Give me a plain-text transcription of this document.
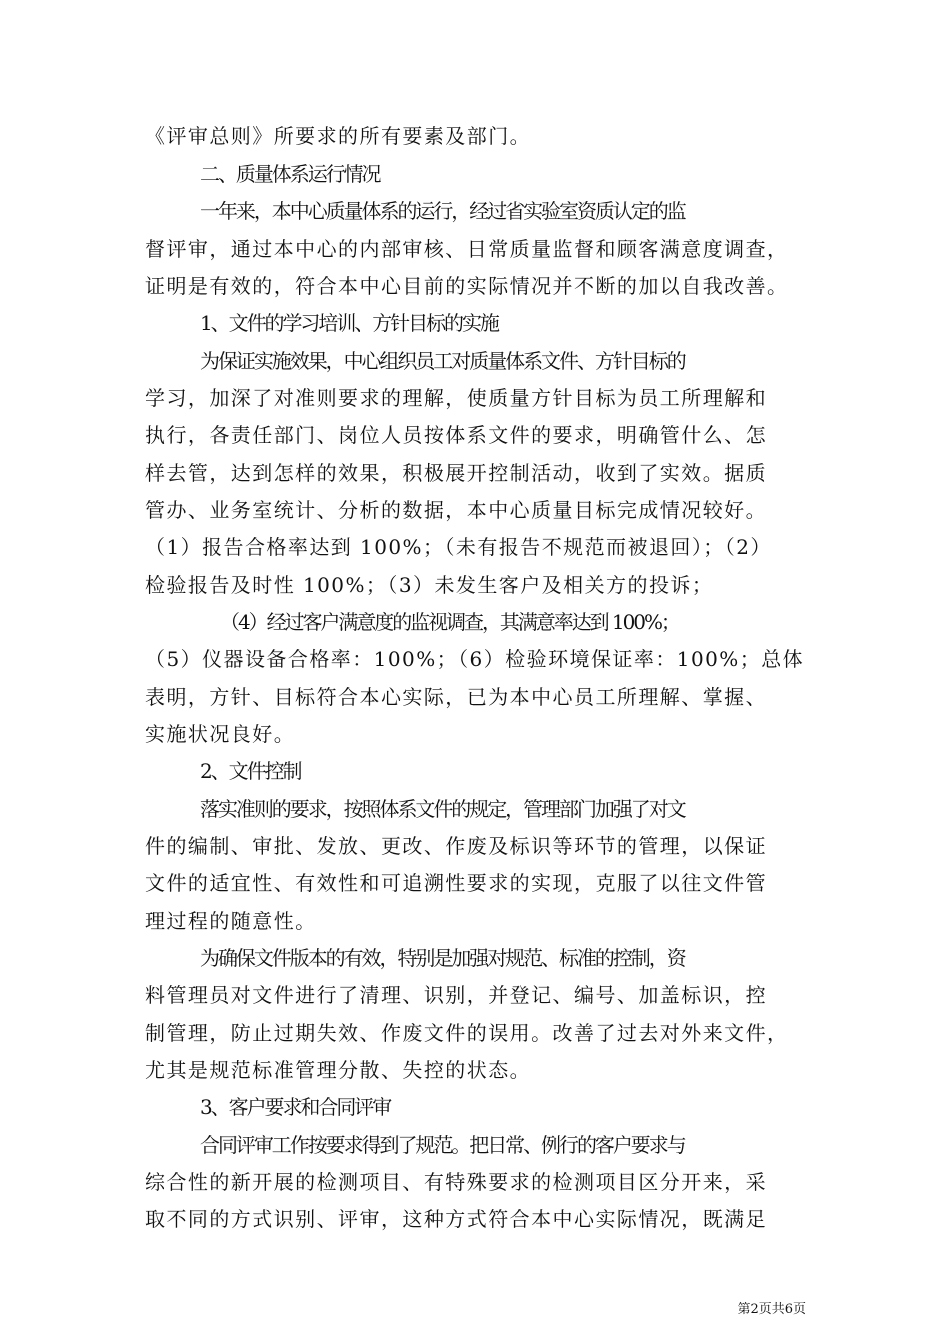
《评审总则》所要求的所有要素及部门。
二、质量体系运行情况
一年来，本中心质量体系的运行，经过省实验室资质认定的监
督评审，通过本中心的内部审核、日常质量监督和顾客满意度调查，
证明是有效的，符合本中心目前的实际情况并不断的加以自我改善。
1、文件的学习培训、方针目标的实施
为保证实施效果，中心组织员工对质量体系文件、方针目标的
学习，加深了对准则要求的理解，使质量方针目标为员工所理解和
执行，各责任部门、岗位人员按体系文件的要求，明确管什么、怎
样去管，达到怎样的效果，积极展开控制活动，收到了实效。据质
管办、业务室统计、分析的数据，本中心质量目标完成情况较好。
（1）报告合格率达到 100%；（未有报告不规范而被退回）；（2）
检验报告及时性 100%；（3）未发生客户及相关方的投诉；
（4）经过客户满意度的监视调查，其满意率达到 100%；
（5）仪器设备合格率：100%；（6）检验环境保证率：100%；总体
表明，方针、目标符合本心实际，已为本中心员工所理解、掌握、
实施状况良好。
2、文件控制
落实准则的要求，按照体系文件的规定，管理部门加强了对文
件的编制、审批、发放、更改、作废及标识等环节的管理，以保证
文件的适宜性、有效性和可追溯性要求的实现，克服了以往文件管
理过程的随意性。
为确保文件版本的有效，特别是加强对规范、标准的控制，资
料管理员对文件进行了清理、识别，并登记、编号、加盖标识，控
制管理，防止过期失效、作废文件的误用。改善了过去对外来文件，
尤其是规范标准管理分散、失控的状态。
3、客户要求和合同评审
合同评审工作按要求得到了规范。把日常、例行的客户要求与
综合性的新开展的检测项目、有特殊要求的检测项目区分开来，采
取不同的方式识别、评审，这种方式符合本中心实际情况，既满足
第2页共6页
